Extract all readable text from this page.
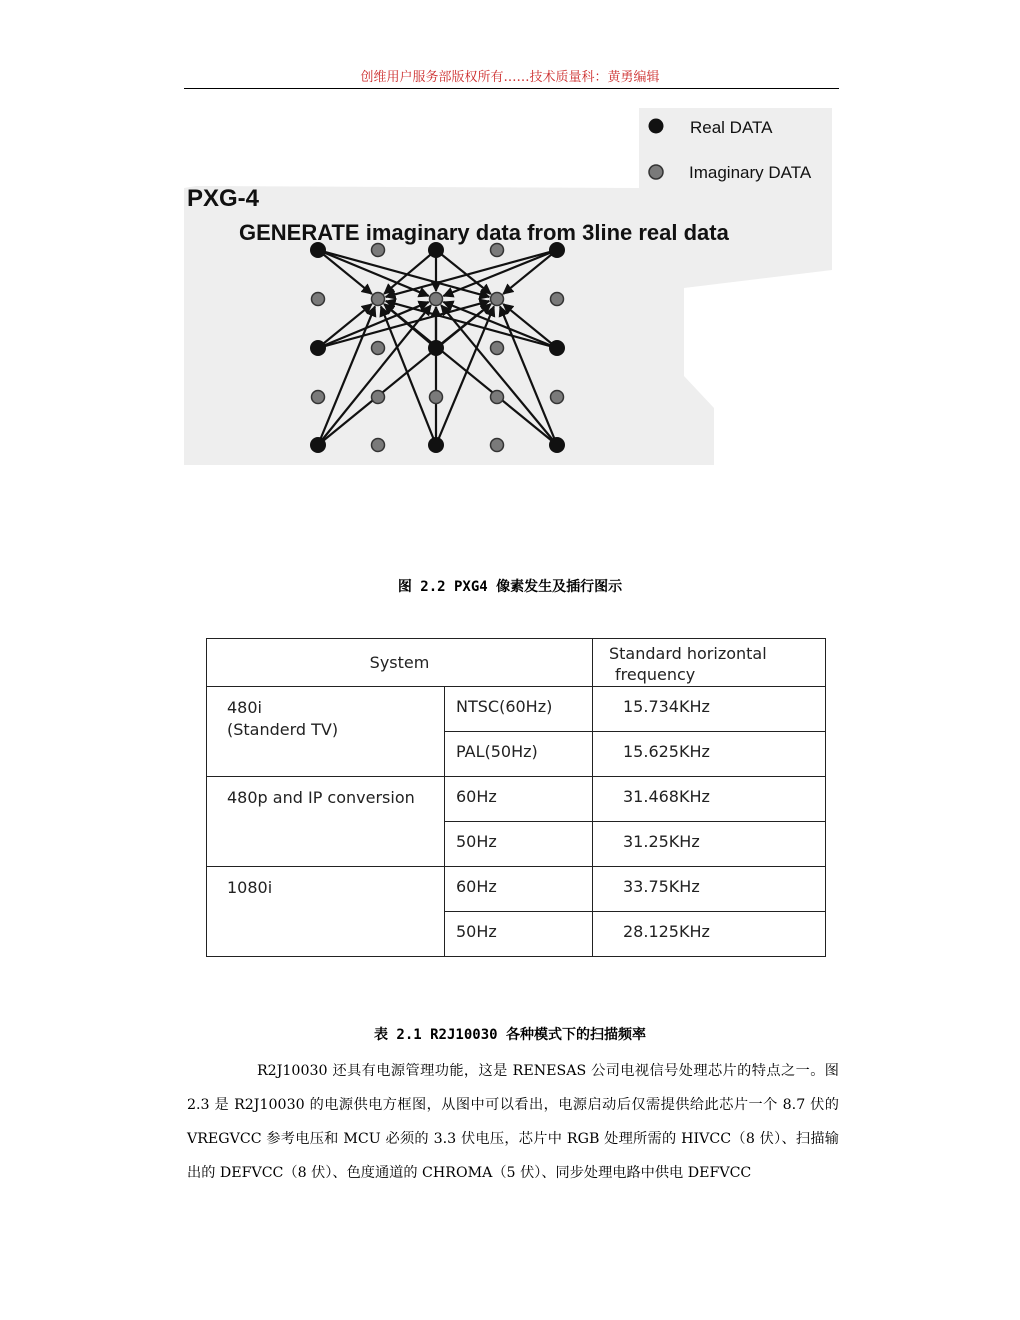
创维用户服务部版权所有……技术质量科：黄勇编辑
Real DATA
Imaginary DATA
PXG-4
GENERATE imaginary data from 3line real data
图 2.2 PXG4 像素发生及插行图示
System		Standard horizontal
frequency

480i
(Standerd TV)	NTSC(60Hz)	15.734KHz

	PAL(50Hz)	15.625KHz

480p and IP conversion	60Hz	31.468KHz

	50Hz	31.25KHz

1080i	60Hz	33.75KHz

	50Hz	28.125KHz
表 2.1 R2J10030 各种模式下的扫描频率

R2J10030 还具有电源管理功能，这是 RENESAS 公司电视信号处理芯片的特点之一。图 2.3 是 R2J10030 的电源供电方框图，从图中可以看出，电源启动后仅需提供给此芯片一个 8.7 伏的 VREGVCC 参考电压和 MCU 必须的 3.3 伏电压，芯片中 RGB 处理所需的 HIVCC（8 伏）、扫描输出的 DEFVCC（8 伏）、色度通道的 CHROMA（5 伏）、同步处理电路中供电 DEFVCC
